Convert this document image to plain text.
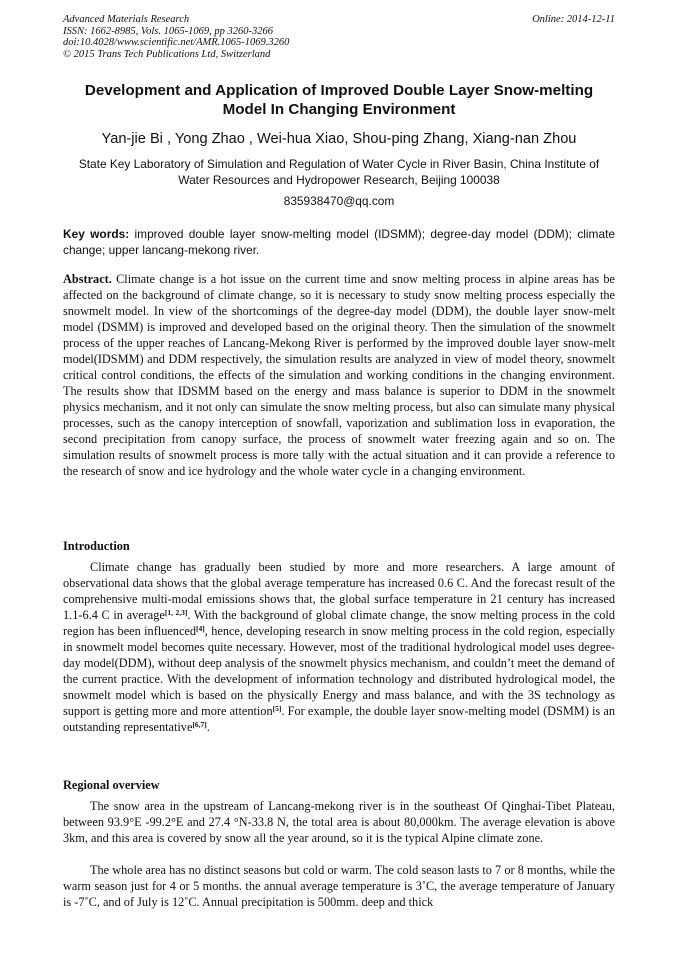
Advanced Materials Research
ISSN: 1662-8985, Vols. 1065-1069, pp 3260-3266
doi:10.4028/www.scientific.net/AMR.1065-1069.3260
© 2015 Trans Tech Publications Ltd, Switzerland
Online: 2014-12-11
Development and Application of Improved Double Layer Snow-melting
Model In Changing Environment
Yan-jie Bi , Yong Zhao , Wei-hua Xiao, Shou-ping Zhang, Xiang-nan Zhou
State Key Laboratory of Simulation and Regulation of Water Cycle in River Basin, China Institute of Water Resources and Hydropower Research, Beijing 100038
835938470@qq.com
Key words: improved double layer snow-melting model (IDSMM); degree-day model (DDM); climate change; upper lancang-mekong river.
Abstract. Climate change is a hot issue on the current time and snow melting process in alpine areas has be affected on the background of climate change, so it is necessary to study snow melting process especially the snowmelt model. In view of the shortcomings of the degree-day model (DDM), the double layer snow-melt model (DSMM) is improved and developed based on the original theory. Then the simulation of the snowmelt process of the upper reaches of Lancang-Mekong River is performed by the improved double layer snow-melt model(IDSMM) and DDM respectively, the simulation results are analyzed in view of model theory, snowmelt critical control conditions, the effects of the simulation and working conditions in the changing environment. The results show that IDSMM based on the energy and mass balance is superior to DDM in the snowmelt physics mechanism, and it not only can simulate the snow melting process, but also can simulate many physical processes, such as the canopy interception of snowfall, vaporization and sublimation loss in evaporation, the second precipitation from canopy surface, the process of snowmelt water freezing again and so on. The simulation results of snowmelt process is more tally with the actual situation and it can provide a reference to the research of snow and ice hydrology and the whole water cycle in a changing environment.
Introduction
Climate change has gradually been studied by more and more researchers. A large amount of observational data shows that the global average temperature has increased 0.6 C. And the forecast result of the comprehensive multi-modal emissions shows that, the global surface temperature in 21 century has increased 1.1-6.4 C in average[1, 2,3]. With the background of global climate change, the snow melting process in the cold region has been influenced[4], hence, developing research in snow melting process in the cold region, especially in snowmelt model becomes quite necessary. However, most of the traditional hydrological model uses degree-day model(DDM), without deep analysis of the snowmelt physics mechanism, and couldn’t meet the demand of the current practice. With the development of information technology and distributed hydrological model, the snowmelt model which is based on the physically Energy and mass balance, and with the 3S technology as support is getting more and more attention[5]. For example, the double layer snow-melting model (DSMM) is an outstanding representative[6,7].
Regional overview
The snow area in the upstream of Lancang-mekong river is in the southeast Of Qinghai-Tibet Plateau, between 93.9°E -99.2°E and 27.4 °N-33.8 N, the total area is about 80,000km. The average elevation is above 3km, and this area is covered by snow all the year around, so it is the typical Alpine climate zone.
The whole area has no distinct seasons but cold or warm. The cold season lasts to 7 or 8 months, while the warm season just for 4 or 5 months. the annual average temperature is 3˚C, the average temperature of January is -7˚C, and of July is 12˚C. Annual precipitation is 500mm. deep and thick
